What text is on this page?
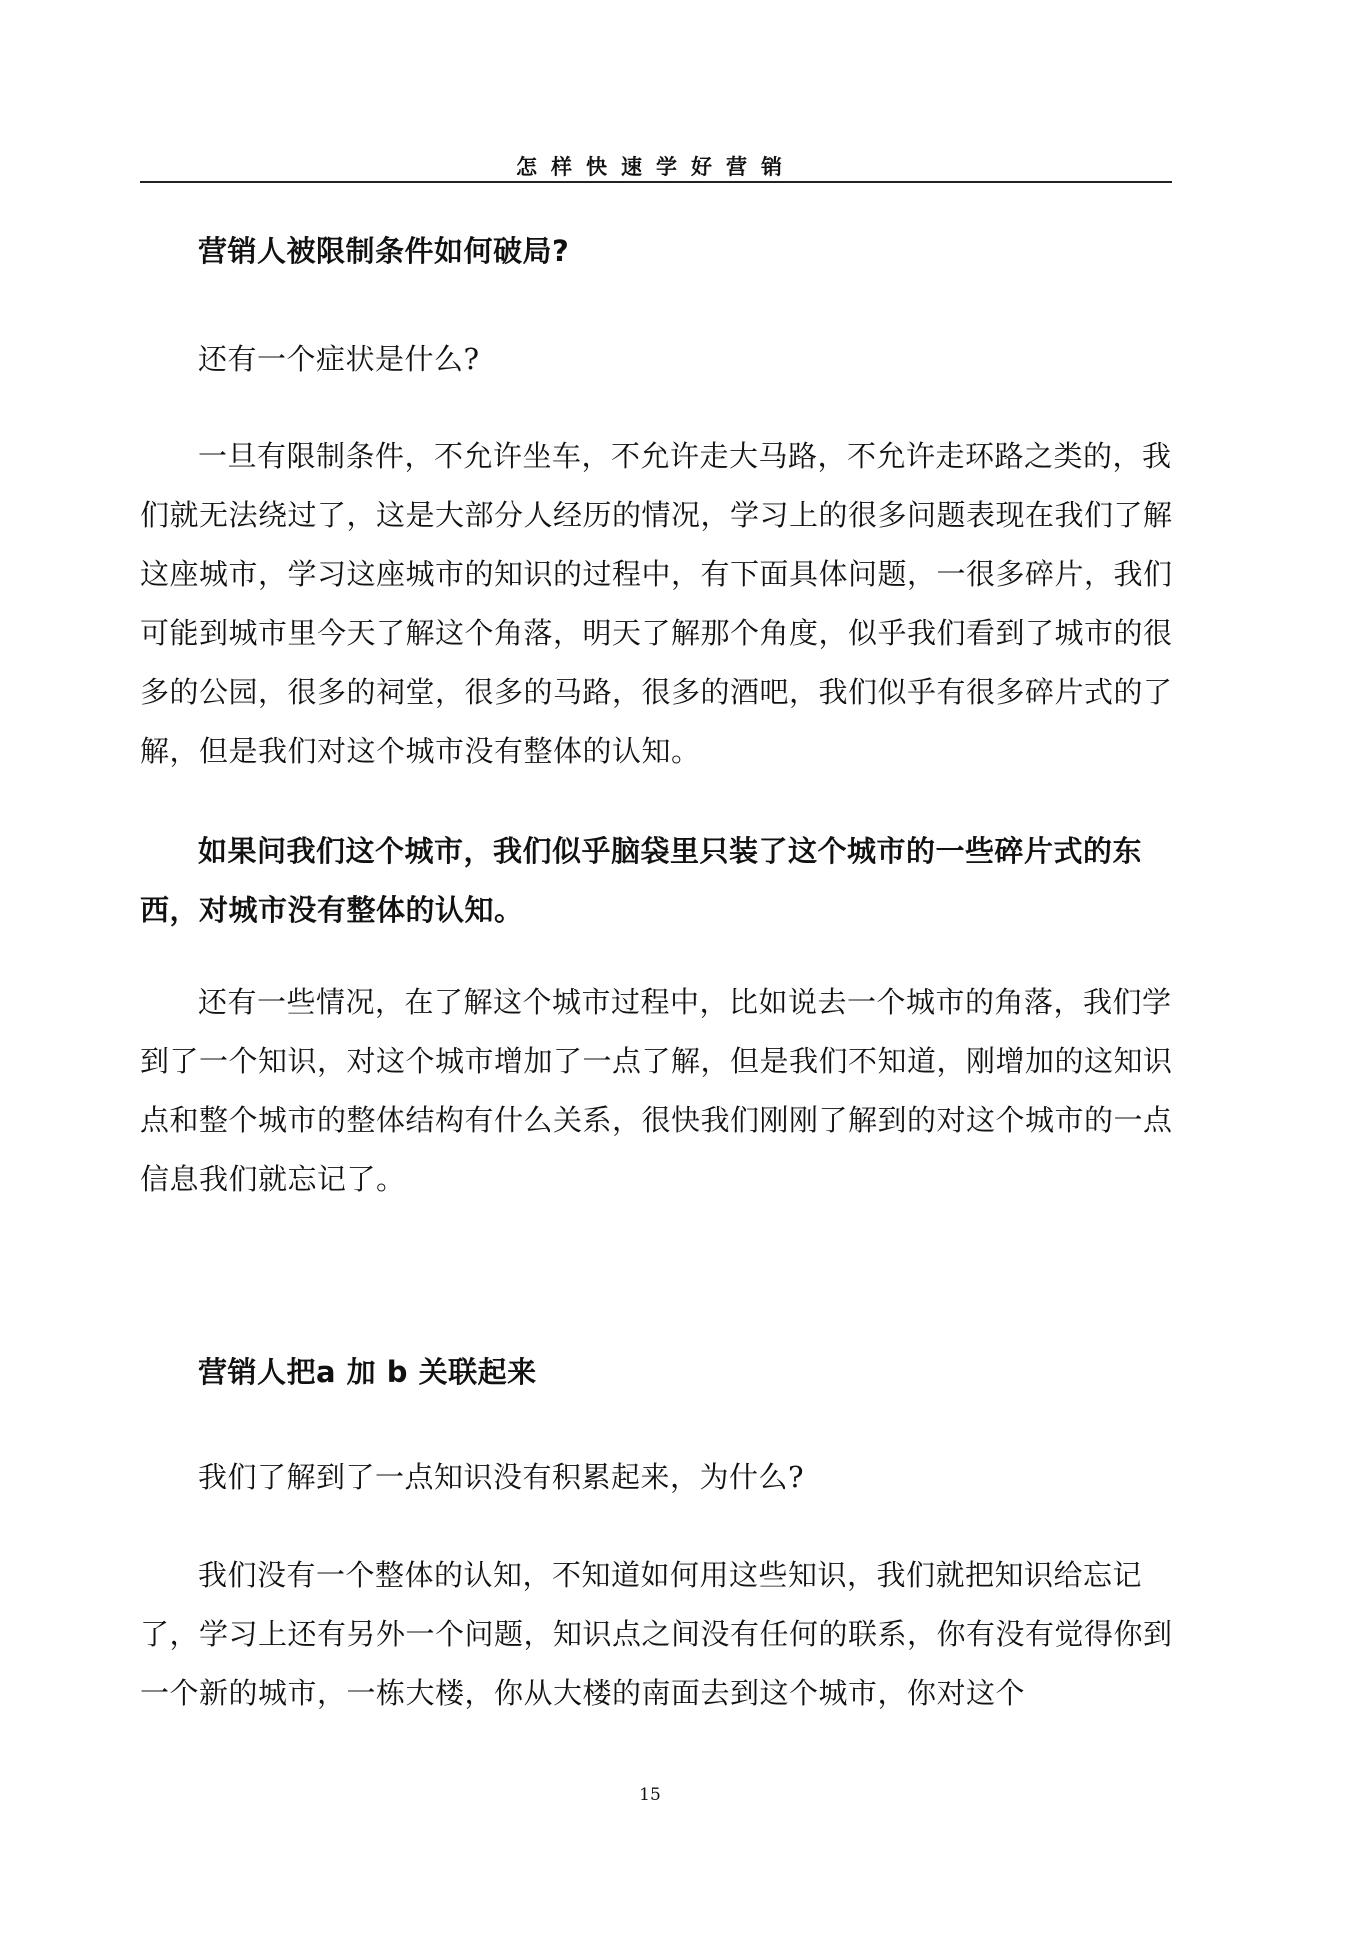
怎样快速学好营销

营销人被限制条件如何破局?

还有一个症状是什么?

一旦有限制条件，不允许坐车，不允许走大马路，不允许走环路之类的，我们就无法绕过了，这是大部分人经历的情况，学习上的很多问题表现在我们了解这座城市，学习这座城市的知识的过程中，有下面具体问题，一很多碎片，我们可能到城市里今天了解这个角落，明天了解那个角度，似乎我们看到了城市的很多的公园，很多的祠堂，很多的马路，很多的酒吧，我们似乎有很多碎片式的了解，但是我们对这个城市没有整体的认知。

如果问我们这个城市，我们似乎脑袋里只装了这个城市的一些碎片式的东西，对城市没有整体的认知。

还有一些情况，在了解这个城市过程中，比如说去一个城市的角落，我们学到了一个知识，对这个城市增加了一点了解，但是我们不知道，刚增加的这知识点和整个城市的整体结构有什么关系，很快我们刚刚了解到的对这个城市的一点信息我们就忘记了。

营销人把a 加 b 关联起来

我们了解到了一点知识没有积累起来，为什么?

我们没有一个整体的认知，不知道如何用这些知识，我们就把知识给忘记了，学习上还有另外一个问题，知识点之间没有任何的联系，你有没有觉得你到一个新的城市，一栋大楼，你从大楼的南面去到这个城市，你对这个

15
